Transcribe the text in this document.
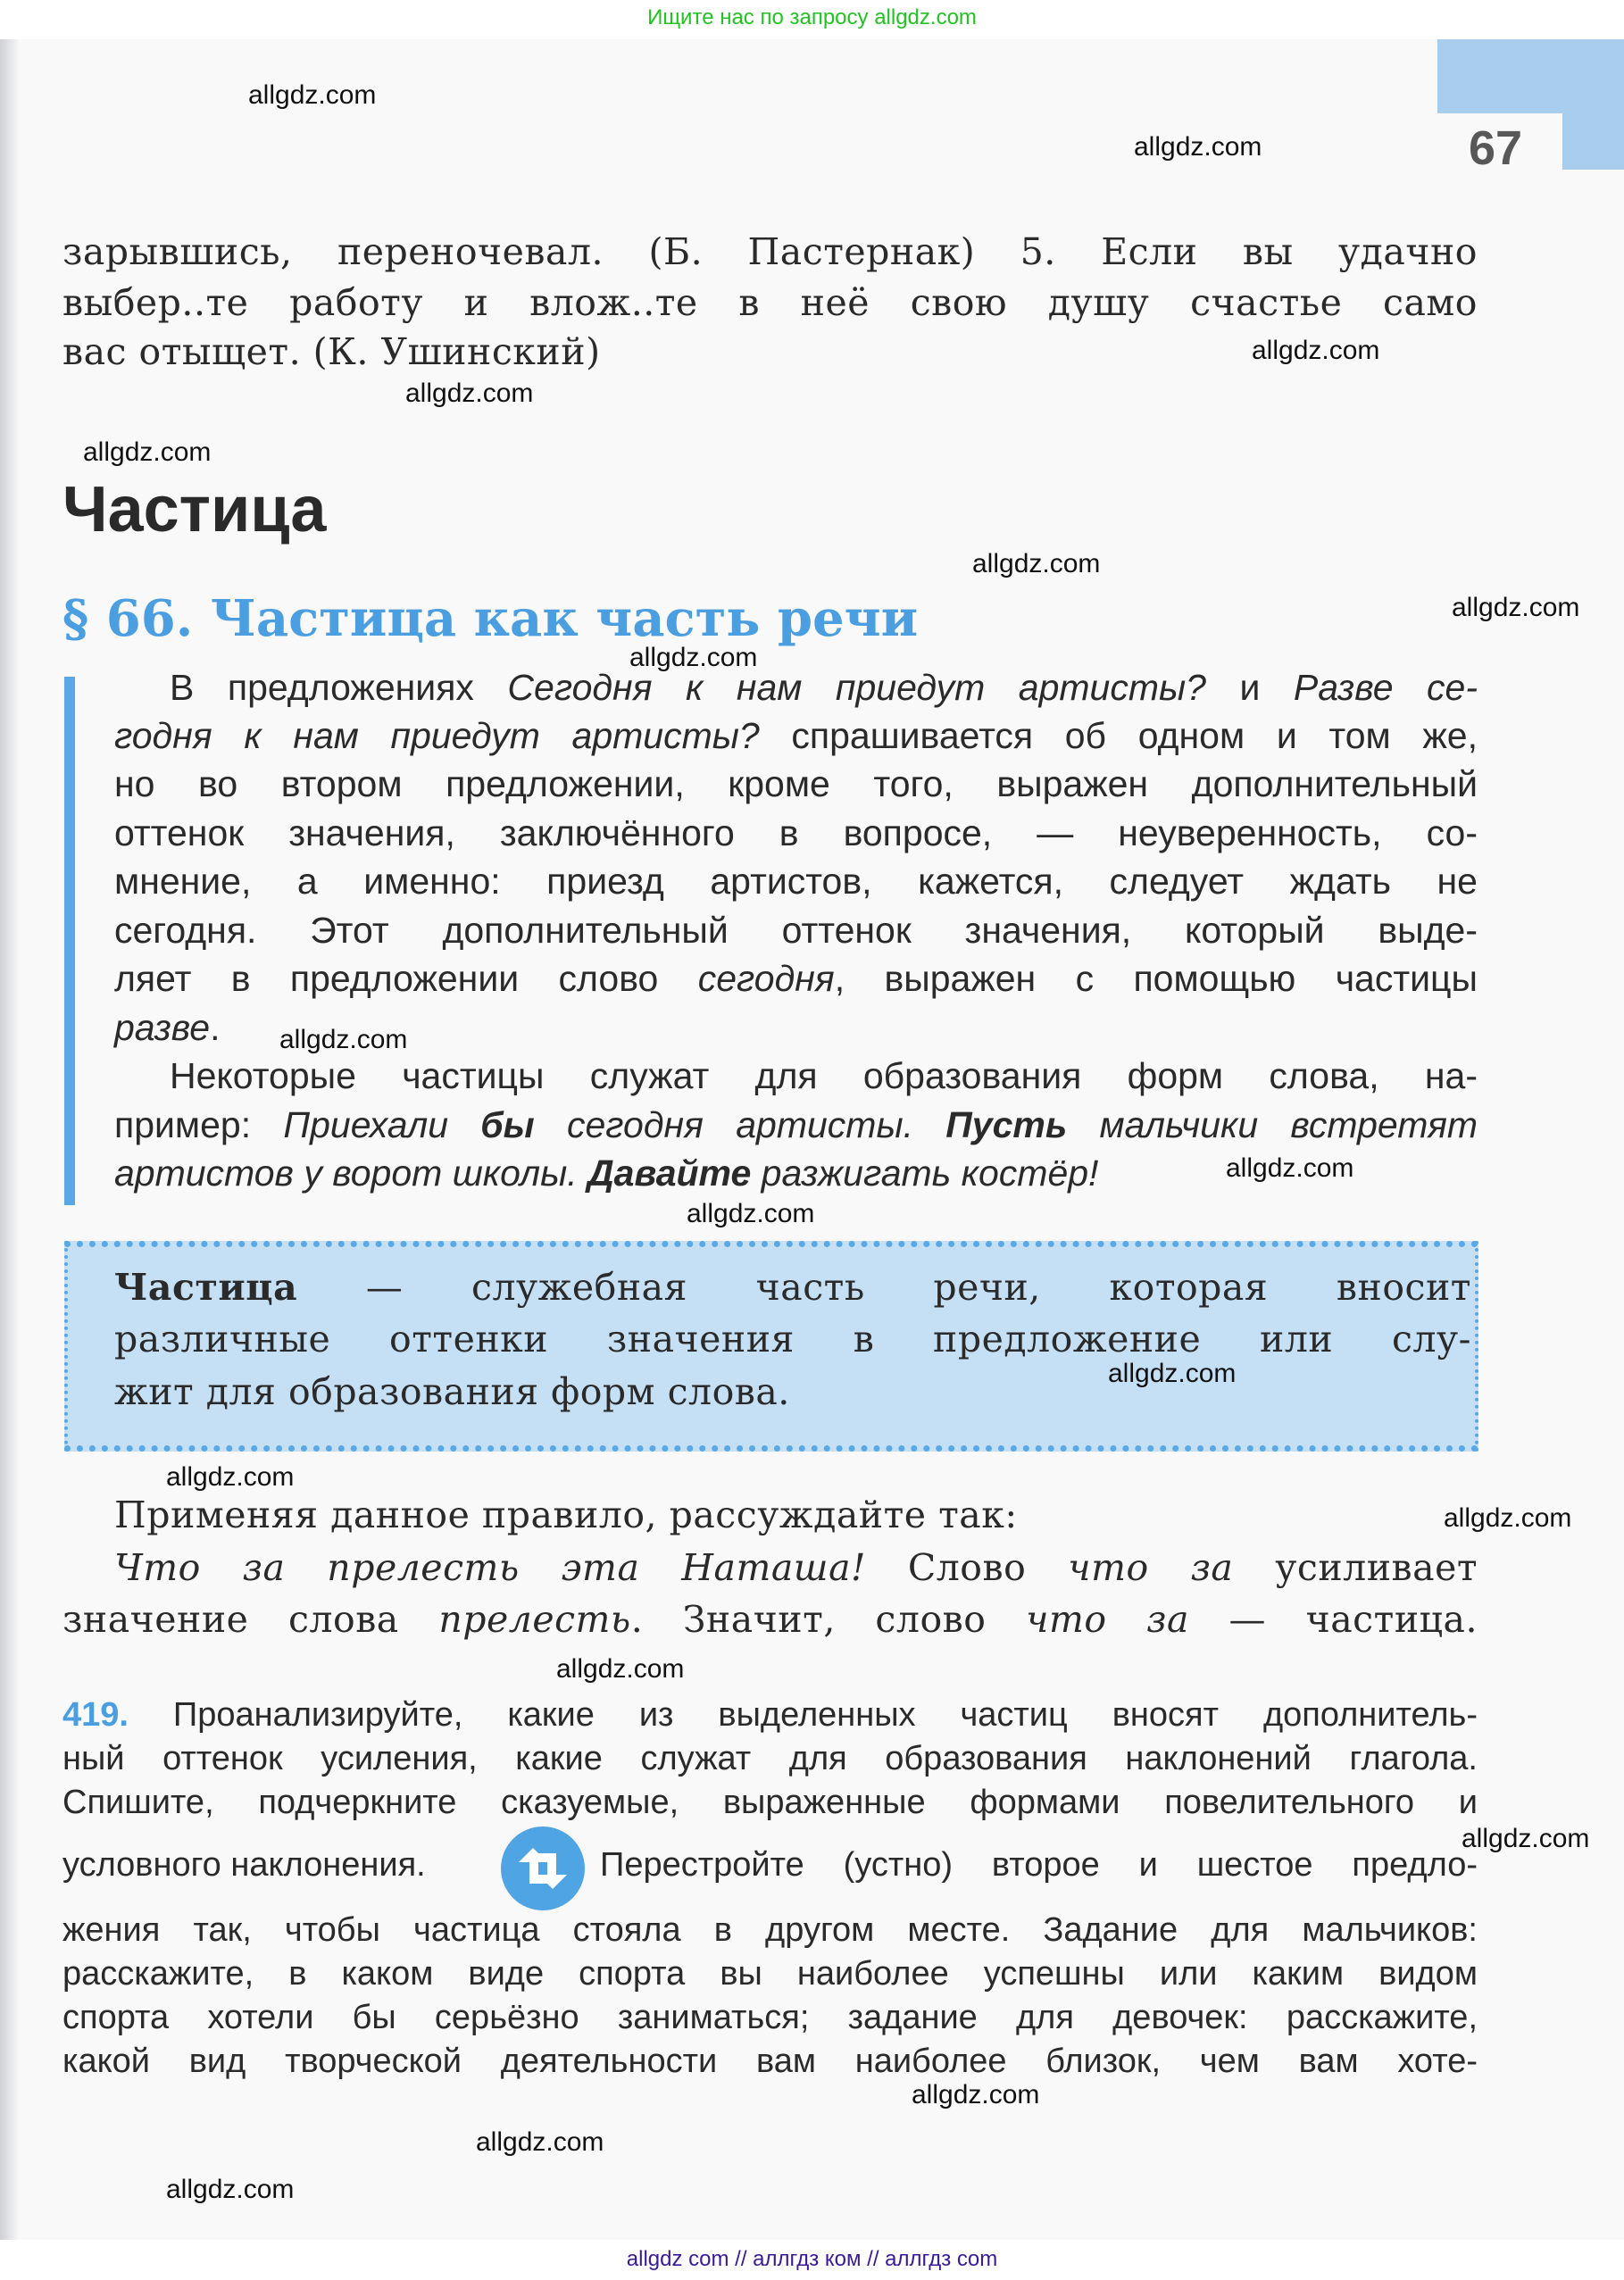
Ищите нас по запросу allgdz.com
67
зарывшись, переночевал. (Б. Пастернак) 5. Если вы удачно
выбер..те работу и влож..те в неё свою душу счастье само
вас отыщет. (К. Ушинский)
Частица
§ 66. Частица как часть речи
В предложениях Сегодня к нам приедут артисты? и Разве се-
годня к нам приедут артисты? спрашивается об одном и том же,
но во втором предложении, кроме того, выражен дополнительный
оттенок значения, заключённого в вопросе, — неуверенность, со-
мнение, а именно: приезд артистов, кажется, следует ждать не
сегодня. Этот дополнительный оттенок значения, который выде-
ляет в предложении слово сегодня, выражен с помощью частицы
разве.
Некоторые частицы служат для образования форм слова, на-
пример: Приехали бы сегодня артисты. Пусть мальчики встретят
артистов у ворот школы. Давайте разжигать костёр!
Частица — служебная часть речи, которая вносит
различные оттенки значения в предложение или слу-
жит для образования форм слова.
Применяя данное правило, рассуждайте так:
Что за прелесть эта Наташа! Слово что за усиливает
значение слова прелесть. Значит, слово что за — частица.
419. Проанализируйте, какие из выделенных частиц вносят дополнитель-
ный оттенок усиления, какие служат для образования наклонений глагола.
Спишите, подчеркните сказуемые, выраженные формами повелительного и
условного наклонения.	Перестройте (устно) второе и шестое предло-
жения так, чтобы частица стояла в другом месте. Задание для мальчиков:
расскажите, в каком виде спорта вы наиболее успешны или каким видом
спорта хотели бы серьёзно заниматься; задание для девочек: расскажите,
какой вид творческой деятельности вам наиболее близок, чем вам хоте-
allgdz.com
allgdz.com
allgdz.com
allgdz.com
allgdz.com
allgdz.com
allgdz.com
allgdz.com
allgdz.com
allgdz.com
allgdz.com
allgdz.com
allgdz.com
allgdz.com
allgdz.com
allgdz.com
allgdz.com
allgdz.com
allgdz.com
allgdz com // аллгдз ком // аллгдз com
